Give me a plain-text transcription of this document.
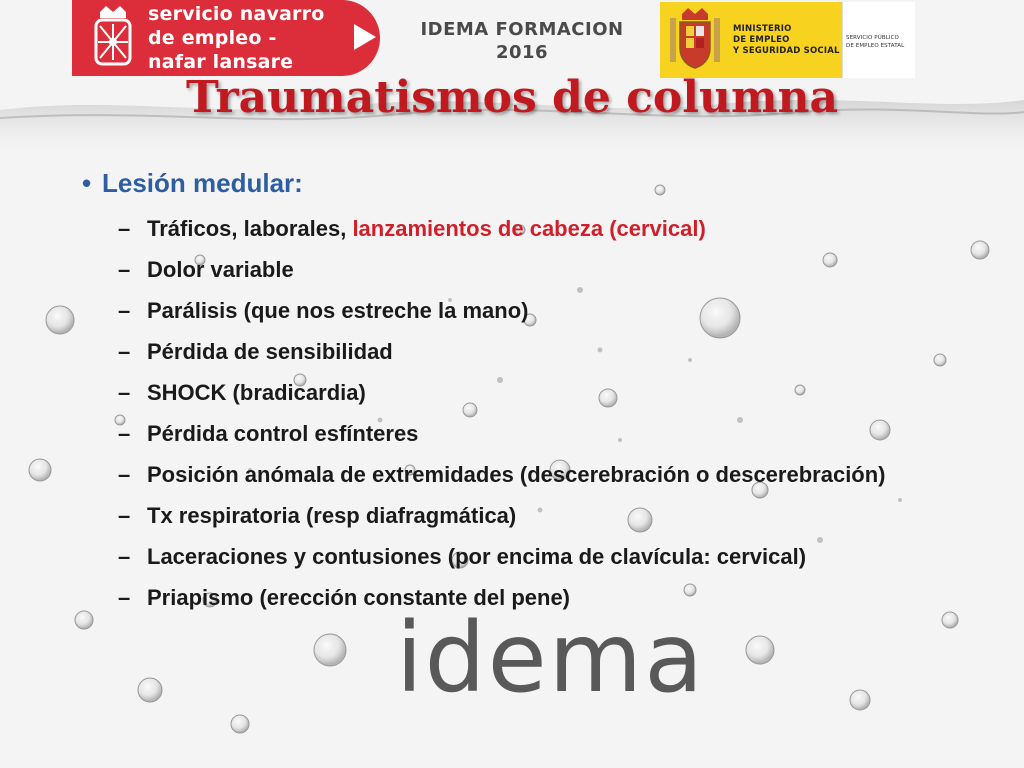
servicio navarro
de empleo -
nafar lansare
IDEMA FORMACION
2016
MINISTERIO
DE EMPLEO
Y SEGURIDAD SOCIAL
SERVICIO PÚBLICO
DE EMPLEO ESTATAL
Traumatismos de columna
idema
• Lesión medular:
– Tráficos, laborales, lanzamientos de cabeza (cervical)
– Dolor variable
– Parálisis (que nos estreche la mano)
– Pérdida de sensibilidad
– SHOCK (bradicardia)
– Pérdida control esfínteres
– Posición anómala de extremidades (descerebración o descerebración)
– Tx respiratoria (resp diafragmática)
– Laceraciones y contusiones (por encima de clavícula: cervical)
– Priapismo (erección constante del pene)
